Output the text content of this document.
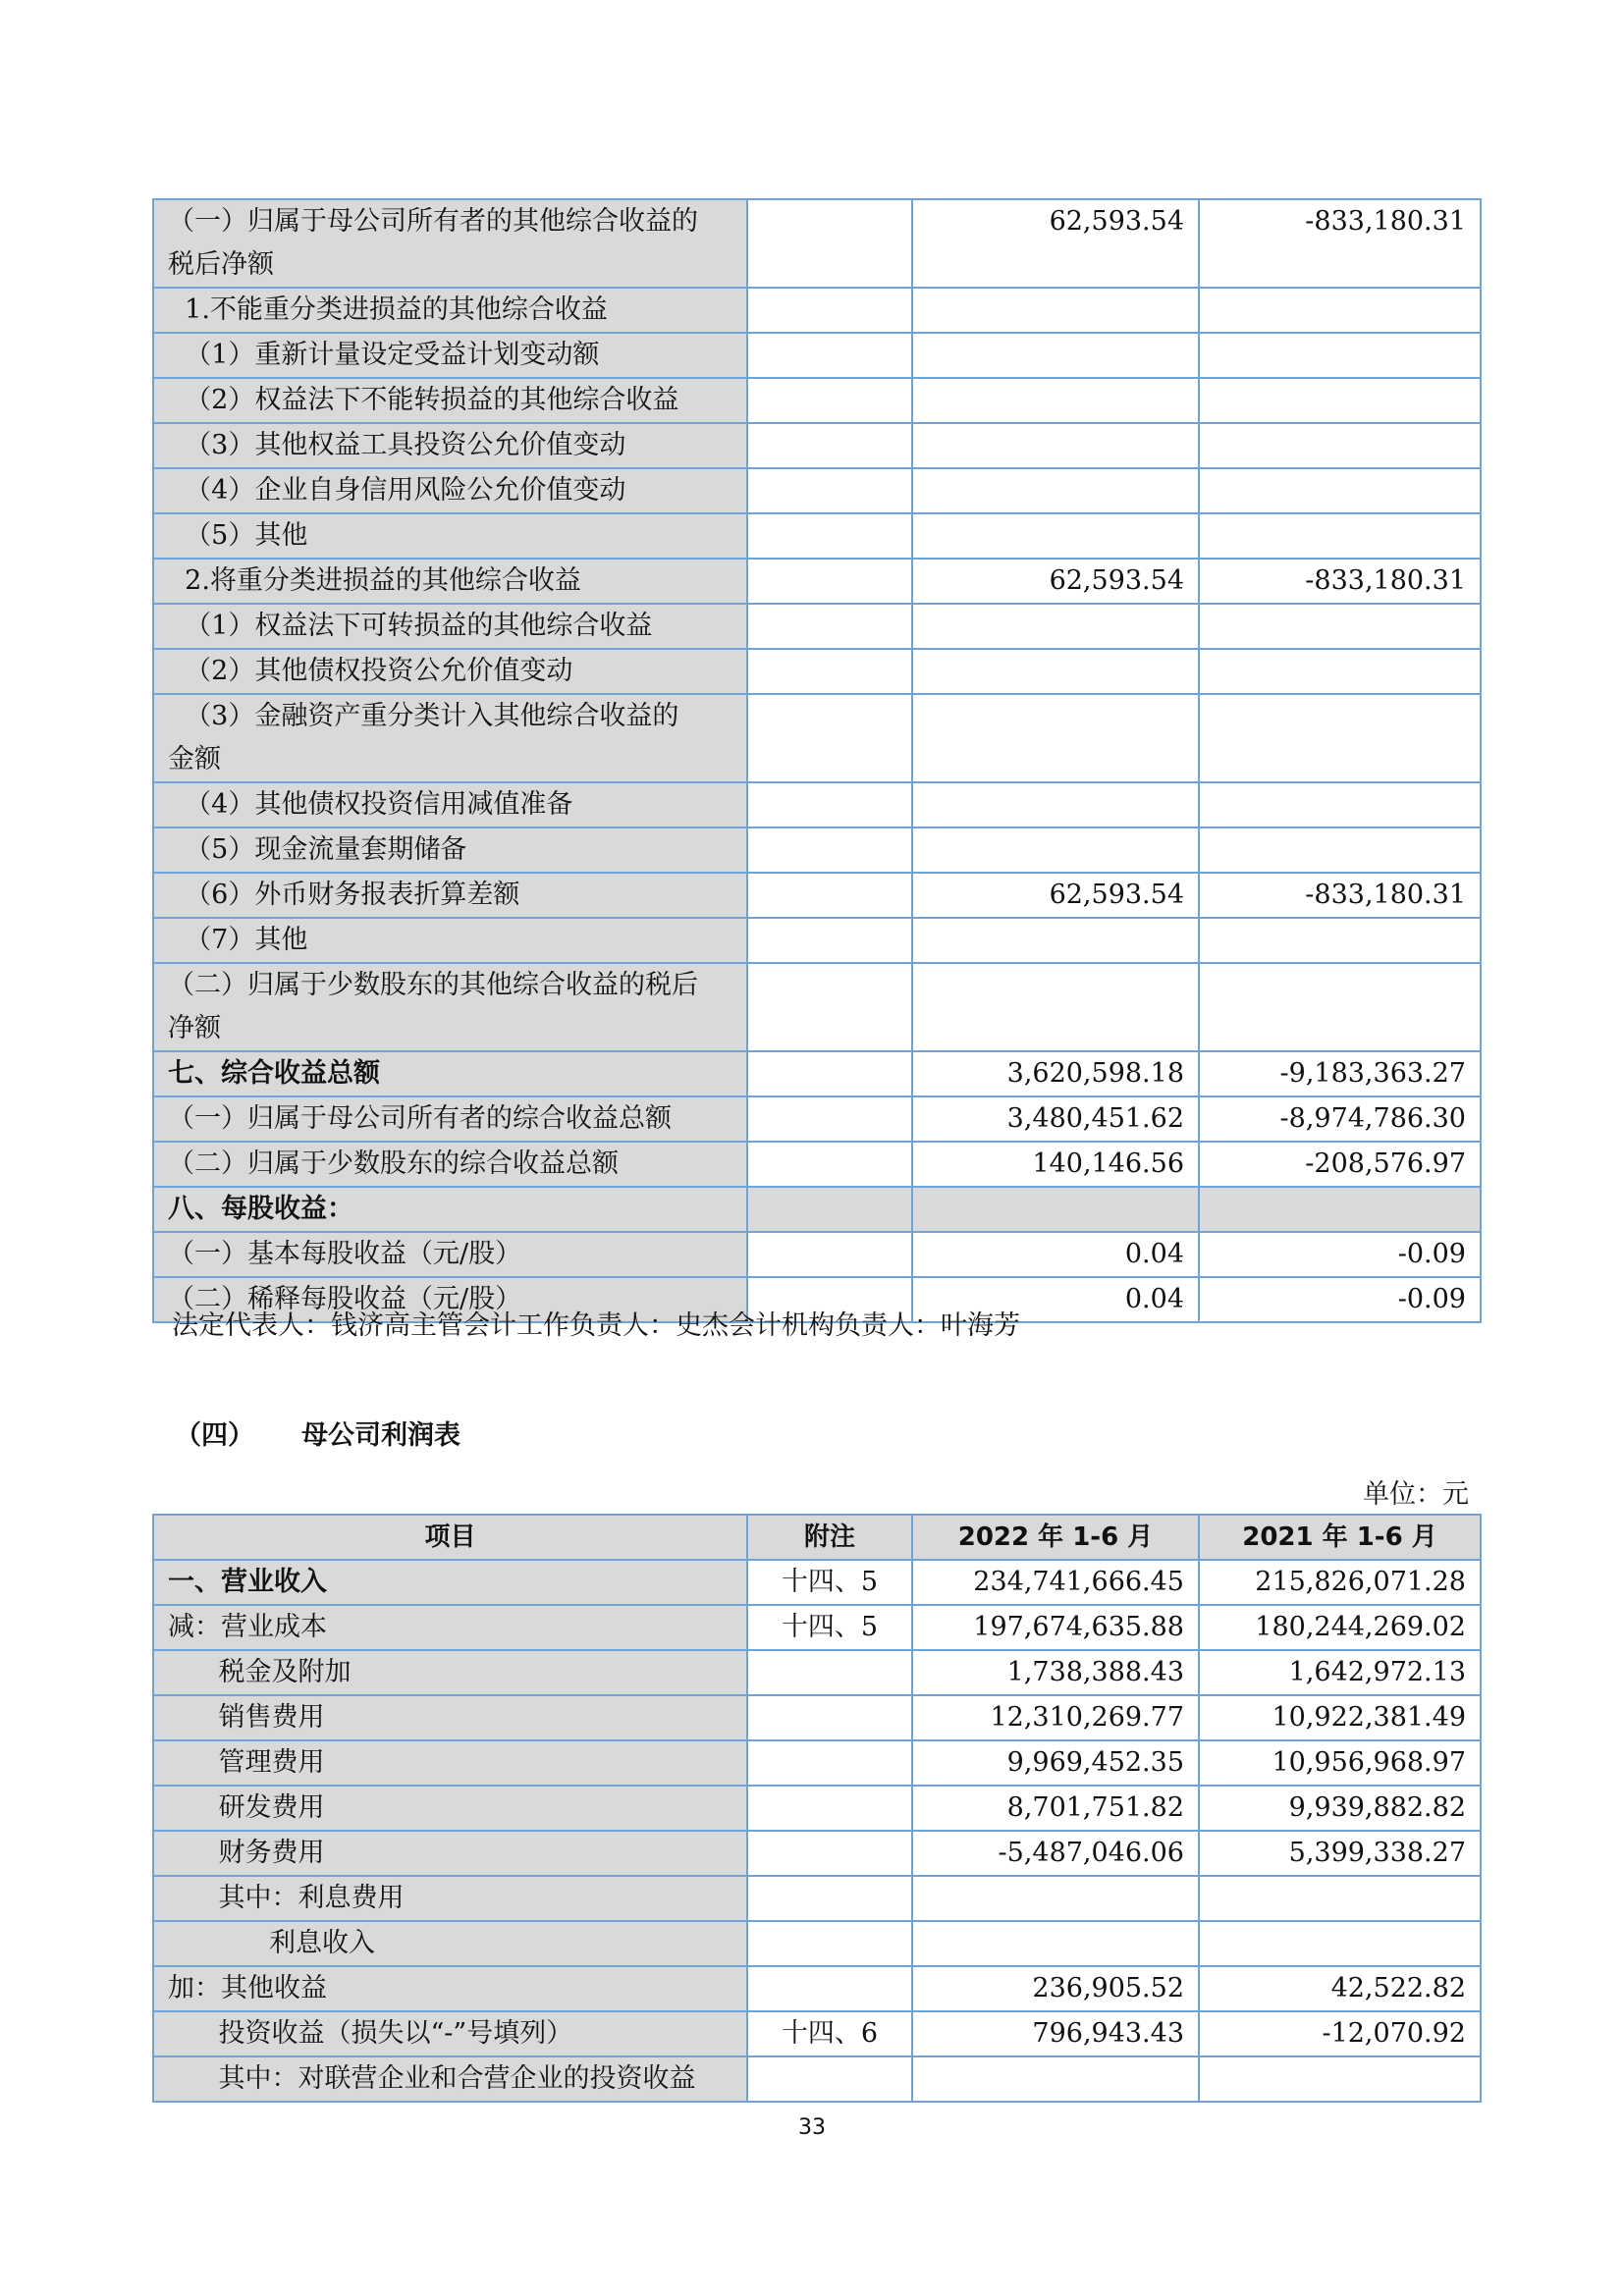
（一）归属于母公司所有者的其他综合收益的
税后净额		62,593.54	-833,180.31
1.不能重分类进损益的其他综合收益			
（1）重新计量设定受益计划变动额			
（2）权益法下不能转损益的其他综合收益			
（3）其他权益工具投资公允价值变动			
（4）企业自身信用风险公允价值变动			
（5）其他			
2.将重分类进损益的其他综合收益		62,593.54	-833,180.31
（1）权益法下可转损益的其他综合收益			
（2）其他债权投资公允价值变动			
（3）金融资产重分类计入其他综合收益的
金额			
（4）其他债权投资信用减值准备			
（5）现金流量套期储备			
（6）外币财务报表折算差额		62,593.54	-833,180.31
（7）其他			
（二）归属于少数股东的其他综合收益的税后
净额			
七、综合收益总额		3,620,598.18	-9,183,363.27
（一）归属于母公司所有者的综合收益总额		3,480,451.62	-8,974,786.30
（二）归属于少数股东的综合收益总额		140,146.56	-208,576.97
八、每股收益：			
（一）基本每股收益（元/股）		0.04	-0.09
（二）稀释每股收益（元/股）		0.04	-0.09
法定代表人：钱济高主管会计工作负责人：史杰会计机构负责人：叶海芳
（四） 母公司利润表
单位：元
项目	附注	2022 年 1-6 月	2021 年 1-6 月
一、营业收入	十四、5	234,741,666.45	215,826,071.28
减：营业成本	十四、5	197,674,635.88	180,244,269.02
税金及附加		1,738,388.43	1,642,972.13
销售费用		12,310,269.77	10,922,381.49
管理费用		9,969,452.35	10,956,968.97
研发费用		8,701,751.82	9,939,882.82
财务费用		-5,487,046.06	5,399,338.27
其中：利息费用			
利息收入			
加：其他收益		236,905.52	42,522.82
投资收益（损失以“-”号填列）	十四、6	796,943.43	-12,070.92
其中：对联营企业和合营企业的投资收益			
33
